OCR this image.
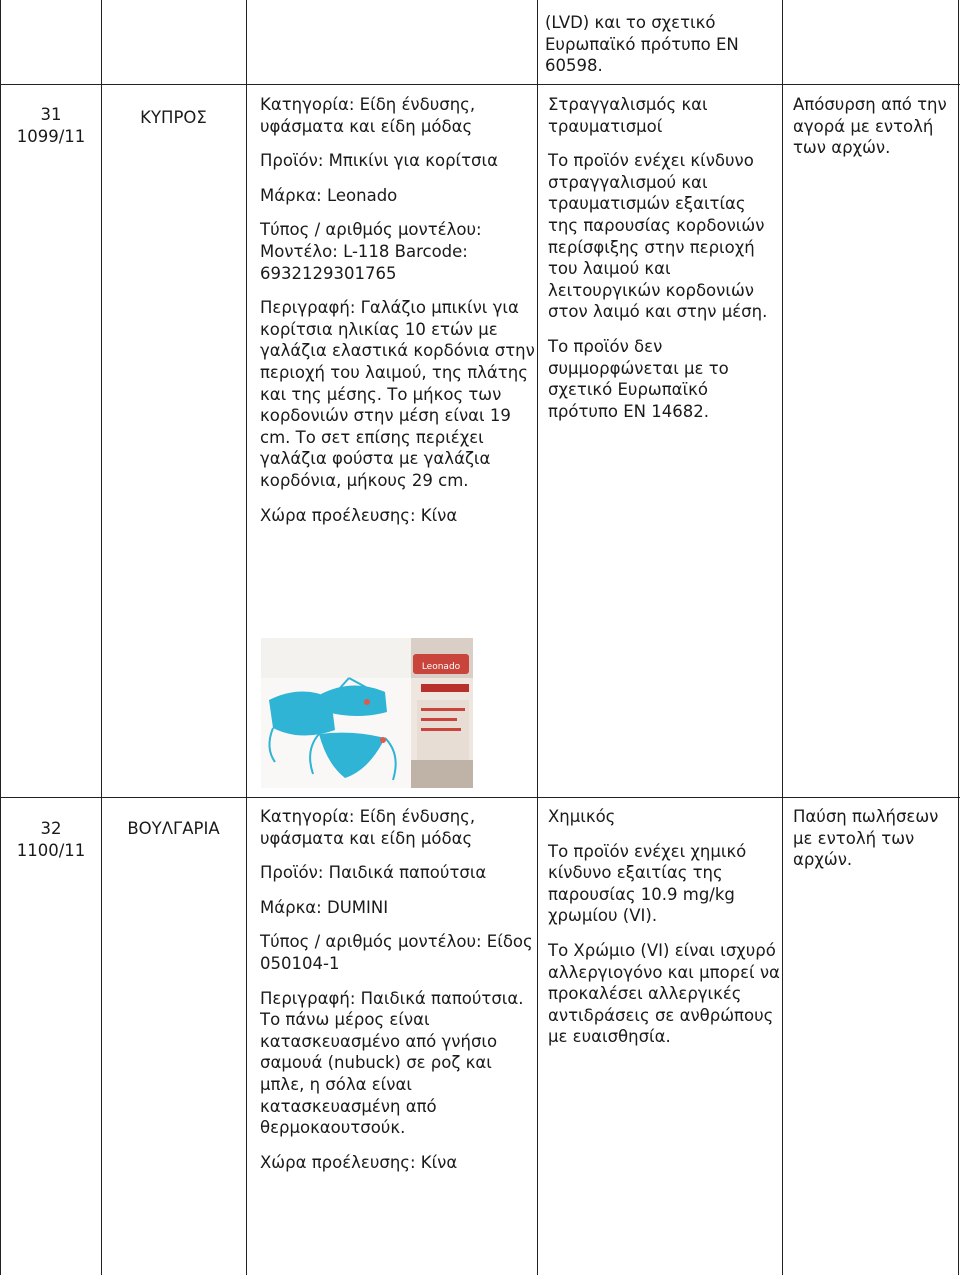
(LVD) και το σχετικό Ευρωπαϊκό πρότυπο EN 60598.
31
1099/11
ΚΥΠΡΟΣ
Κατηγορία: Είδη ένδυσης, υφάσματα και είδη μόδας
Προϊόν: Μπικίνι για κορίτσια
Μάρκα: Leonado
Τύπος / αριθμός μοντέλου: Μοντέλο: L-118 Barcode: 6932129301765
Περιγραφή: Γαλάζιο μπικίνι για κορίτσια ηλικίας 10 ετών με γαλάζια ελαστικά κορδόνια στην περιοχή του λαιμού, της πλάτης και της μέσης. Το μήκος των κορδονιών στην μέση είναι 19 cm. Το σετ επίσης περιέχει γαλάζια φούστα με γαλάζια κορδόνια, μήκους 29 cm.
Χώρα προέλευσης: Κίνα
Leonado
Στραγγαλισμός και τραυματισμοί
Το προϊόν ενέχει κίνδυνο στραγγαλισμού και τραυματισμών εξαιτίας της παρουσίας κορδονιών περίσφιξης στην περιοχή του λαιμού και λειτουργικών κορδονιών στον λαιμό και στην μέση.
Το προϊόν δεν συμμορφώνεται με το σχετικό Ευρωπαϊκό πρότυπο EN 14682.
Απόσυρση από την αγορά με εντολή των αρχών.
32
1100/11
ΒΟΥΛΓΑΡΙΑ
Κατηγορία: Είδη ένδυσης, υφάσματα και είδη μόδας
Προϊόν: Παιδικά παπούτσια
Μάρκα: DUMINI
Τύπος / αριθμός μοντέλου: Είδος 050104-1
Περιγραφή: Παιδικά παπούτσια. Το πάνω μέρος είναι κατασκευασμένο από γνήσιο σαμουά (nubuck) σε ροζ και μπλε, η σόλα είναι κατασκευασμένη από θερμοκαουτσούκ.
Χώρα προέλευσης: Κίνα
Χημικός
Το προϊόν ενέχει χημικό κίνδυνο εξαιτίας της παρουσίας 10.9 mg/kg χρωμίου (VI).
Το Χρώμιο (VI) είναι ισχυρό αλλεργιογόνο και μπορεί να προκαλέσει αλλεργικές αντιδράσεις σε ανθρώπους με ευαισθησία.
Παύση πωλήσεων με εντολή των αρχών.
